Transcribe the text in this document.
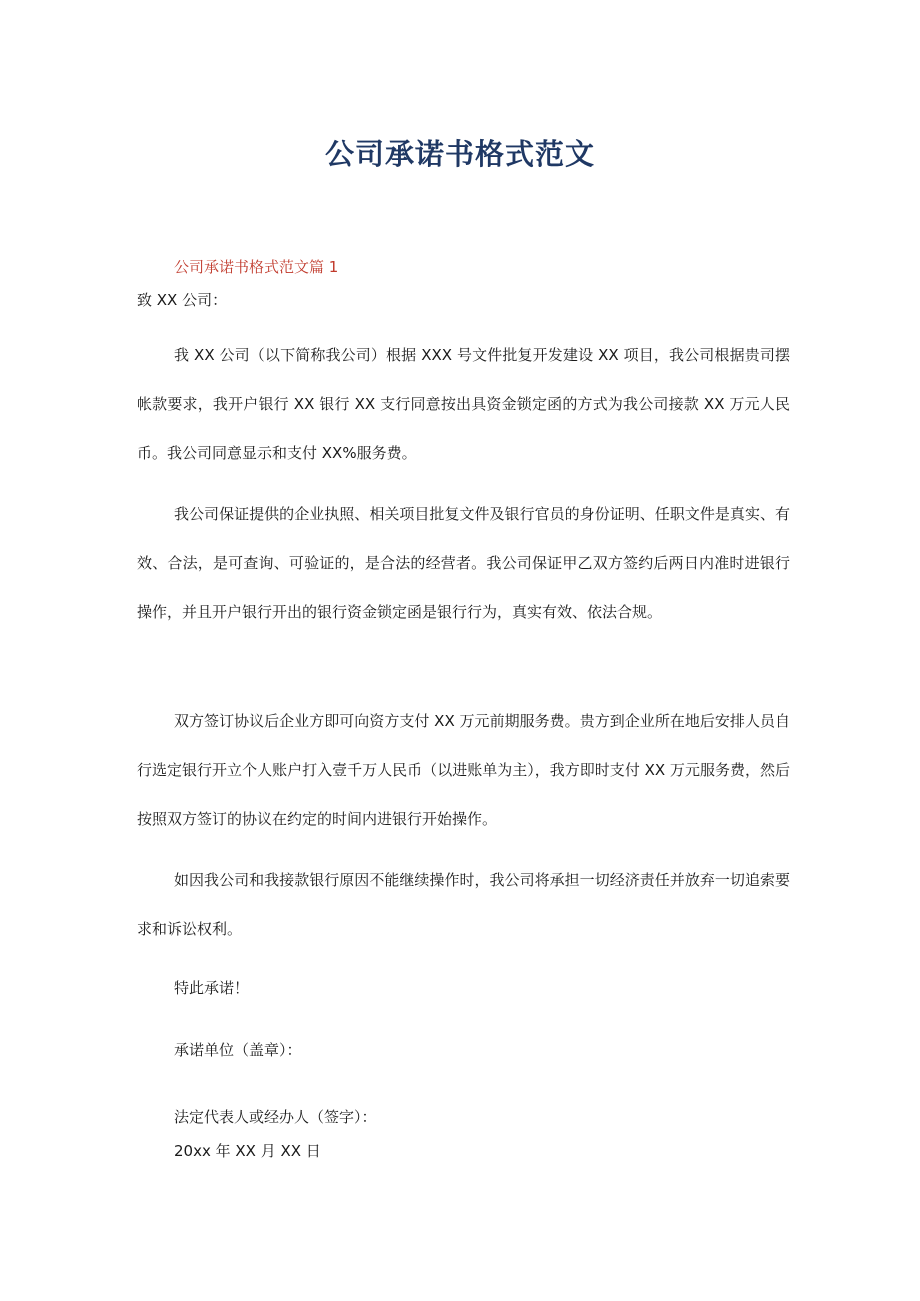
公司承诺书格式范文
公司承诺书格式范文篇 1
致 XX 公司：

我 XX 公司（以下简称我公司）根据 XXX 号文件批复开发建设 XX 项目，我公司根据贵司摆帐款要求，我开户银行 XX 银行 XX 支行同意按出具资金锁定函的方式为我公司接款 XX 万元人民币。我公司同意显示和支付 XX%服务费。

我公司保证提供的企业执照、相关项目批复文件及银行官员的身份证明、任职文件是真实、有效、合法，是可查询、可验证的，是合法的经营者。我公司保证甲乙双方签约后两日内准时进银行操作，并且开户银行开出的银行资金锁定函是银行行为，真实有效、依法合规。

双方签订协议后企业方即可向资方支付 XX 万元前期服务费。贵方到企业所在地后安排人员自行选定银行开立个人账户打入壹千万人民币（以进账单为主），我方即时支付 XX 万元服务费，然后按照双方签订的协议在约定的时间内进银行开始操作。

如因我公司和我接款银行原因不能继续操作时，我公司将承担一切经济责任并放弃一切追索要求和诉讼权利。

特此承诺！

承诺单位（盖章）：

法定代表人或经办人（签字）：

20xx 年 XX 月 XX 日
